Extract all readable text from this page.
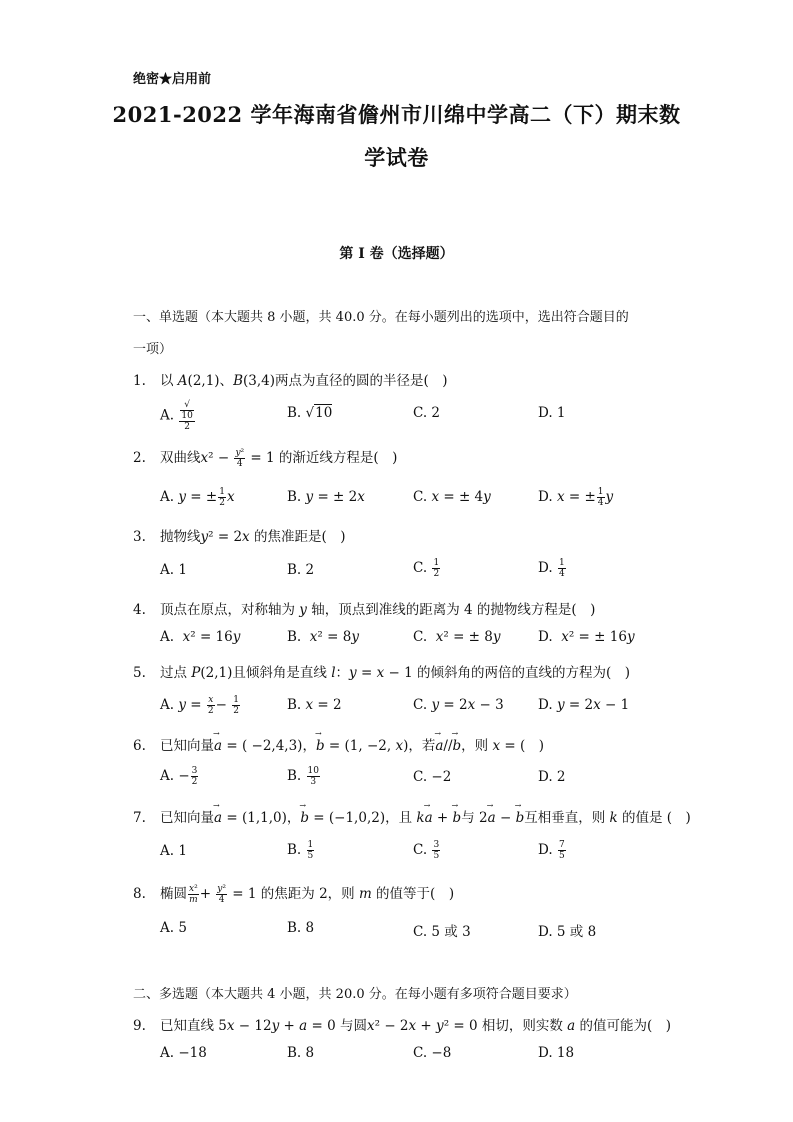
绝密★启用前
2021-2022 学年海南省儋州市川绵中学高二（下）期末数
学试卷
第 I 卷（选择题）
一、单选题（本大题共 8 小题，共 40.0 分。在每小题列出的选项中，选出符合题目的
一项）
1. 以 A(2,1)、B(3,4)两点为直径的圆的半径是(　)
A. √
10
2	B. √10	C. 2	D. 1
2. 双曲线$x^2 - \frac{\text{y²}}{4} = 1$ 的渐近线方程是(　)
A. y = ± $\frac{1}{2}$ x	B. y = ± 2x	C. x = ± 4y	D. x = ± $\frac{1}{4}$ y
3. 抛物线y² = 2x 的焦准距是(　)
A. 1	B. 2	C. $\frac{1}{2}$	D. $\frac{1}{4}$
4. 顶点在原点，对称轴为 y 轴，顶点到准线的距离为 4 的抛物线方程是(　)
A.  x² = 16y	B.  x² = 8y	C.  x² = ± 8y	D.  x² = ± 16y
5. 过点 P(2,1)且倾斜角是直线 l：y = x − 1 的倾斜角的两倍的直线的方程为(　)
A. $y = \frac{x}{2} - \frac{1}{2}$	B. x = 2	C. y = 2x − 3	D. y = 2x − 1
6. 已知向量→ a = ( −2,4,3)，→ b = (1, −2, x)，若→ a//→ b，则 x = (　)
A. − $\frac{3}{2}$	B. $\frac{10}{3}$	C. −2	D. 2
7. 已知向量→ a = (1,1,0)，→ b = (−1,0,2)，且 k→ a + → b与 2→ a − → b互相垂直，则 k 的值是 (　)
A. 1	B. $\frac{1}{5}$	C. $\frac{3}{5}$	D. $\frac{7}{5}$
8. 椭圆 $\frac{\text{x²}}{m} + \frac{\text{y²}}{4} = 1$ 的焦距为 2，则 m 的值等于(　)
A. 5	B. 8	C. 5 或 3	D. 5 或 8
二、多选题（本大题共 4 小题，共 20.0 分。在每小题有多项符合题目要求）
9. 已知直线 5x − 12y + a = 0 与圆x² − 2x + y² = 0 相切，则实数 a 的值可能为(　)
A. −18	B. 8	C. −8	D. 18
